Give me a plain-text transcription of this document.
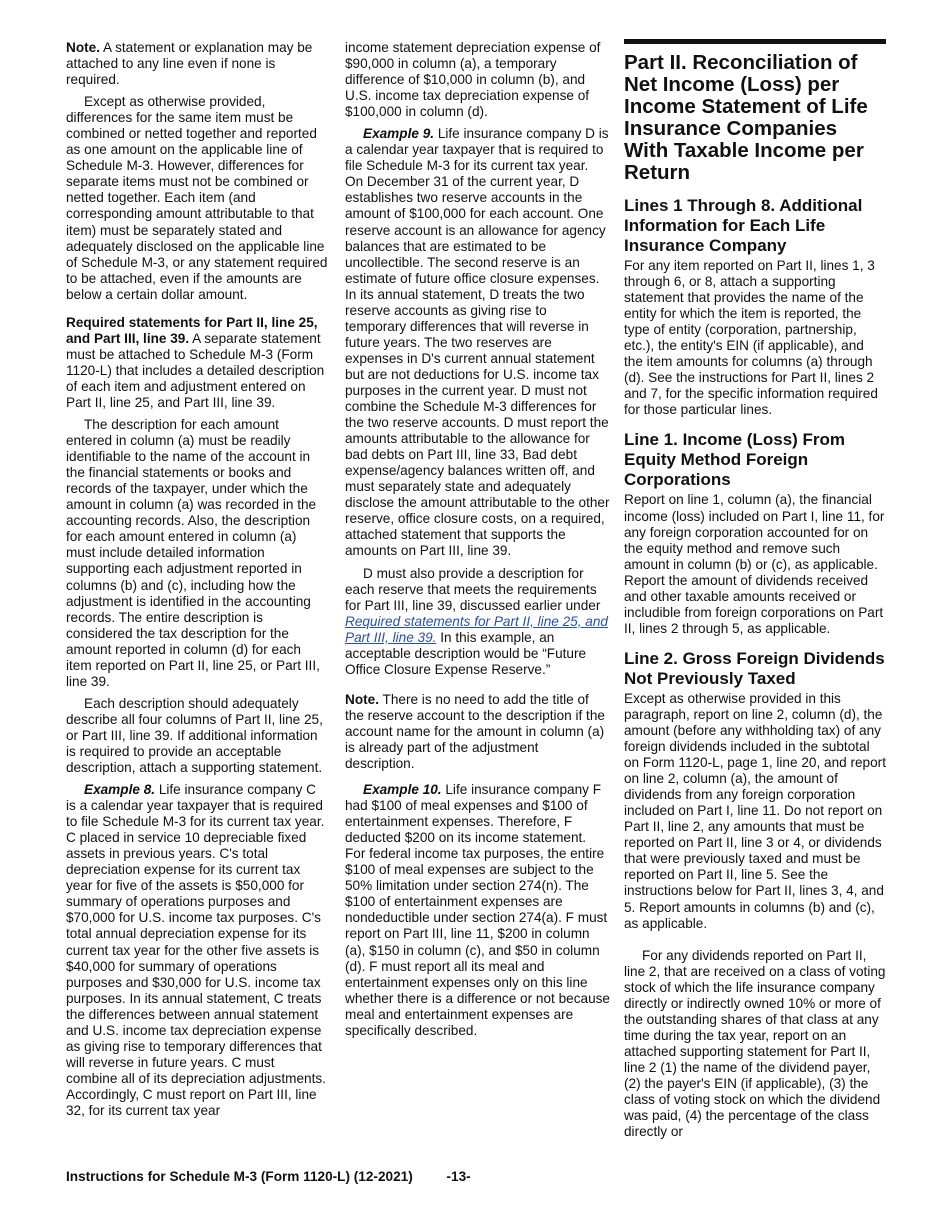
Note. A statement or explanation may be attached to any line even if none is required.

Except as otherwise provided, differences for the same item must be combined or netted together and reported as one amount on the applicable line of Schedule M-3. However, differences for separate items must not be combined or netted together. Each item (and corresponding amount attributable to that item) must be separately stated and adequately disclosed on the applicable line of Schedule M-3, or any statement required to be attached, even if the amounts are below a certain dollar amount.

Required statements for Part II, line 25, and Part III, line 39. A separate statement must be attached to Schedule M-3 (Form 1120-L) that includes a detailed description of each item and adjustment entered on Part II, line 25, and Part III, line 39.

The description for each amount entered in column (a) must be readily identifiable to the name of the account in the financial statements or books and records of the taxpayer, under which the amount in column (a) was recorded in the accounting records. Also, the description for each amount entered in column (a) must include detailed information supporting each adjustment reported in columns (b) and (c), including how the adjustment is identified in the accounting records. The entire description is considered the tax description for the amount reported in column (d) for each item reported on Part II, line 25, or Part III, line 39.

Each description should adequately describe all four columns of Part II, line 25, or Part III, line 39. If additional information is required to provide an acceptable description, attach a supporting statement.

Example 8. Life insurance company C is a calendar year taxpayer that is required to file Schedule M-3 for its current tax year. C placed in service 10 depreciable fixed assets in previous years. C's total depreciation expense for its current tax year for five of the assets is $50,000 for summary of operations purposes and $70,000 for U.S. income tax purposes. C's total annual depreciation expense for its current tax year for the other five assets is $40,000 for summary of operations purposes and $30,000 for U.S. income tax purposes. In its annual statement, C treats the differences between annual statement and U.S. income tax depreciation expense as giving rise to temporary differences that will reverse in future years. C must combine all of its depreciation adjustments. Accordingly, C must report on Part III, line 32, for its current tax year

income statement depreciation expense of $90,000 in column (a), a temporary difference of $10,000 in column (b), and U.S. income tax depreciation expense of $100,000 in column (d).

Example 9. Life insurance company D is a calendar year taxpayer that is required to file Schedule M-3 for its current tax year. On December 31 of the current year, D establishes two reserve accounts in the amount of $100,000 for each account. One reserve account is an allowance for agency balances that are estimated to be uncollectible. The second reserve is an estimate of future office closure expenses. In its annual statement, D treats the two reserve accounts as giving rise to temporary differences that will reverse in future years. The two reserves are expenses in D's current annual statement but are not deductions for U.S. income tax purposes in the current year. D must not combine the Schedule M-3 differences for the two reserve accounts. D must report the amounts attributable to the allowance for bad debts on Part III, line 33, Bad debt expense/agency balances written off, and must separately state and adequately disclose the amount attributable to the other reserve, office closure costs, on a required, attached statement that supports the amounts on Part III, line 39.

D must also provide a description for each reserve that meets the requirements for Part III, line 39, discussed earlier under Required statements for Part II, line 25, and Part III, line 39. In this example, an acceptable description would be “Future Office Closure Expense Reserve.”

Note. There is no need to add the title of the reserve account to the description if the account name for the amount in column (a) is already part of the adjustment description.

Example 10. Life insurance company F had $100 of meal expenses and $100 of entertainment expenses. Therefore, F deducted $200 on its income statement. For federal income tax purposes, the entire $100 of meal expenses are subject to the 50% limitation under section 274(n). The $100 of entertainment expenses are nondeductible under section 274(a). F must report on Part III, line 11, $200 in column (a), $150 in column (c), and $50 in column (d). F must report all its meal and entertainment expenses only on this line whether there is a difference or not because meal and entertainment expenses are specifically described.

Part II. Reconciliation of Net Income (Loss) per Income Statement of Life Insurance Companies With Taxable Income per Return
Lines 1 Through 8. Additional Information for Each Life Insurance Company

For any item reported on Part II, lines 1, 3 through 6, or 8, attach a supporting statement that provides the name of the entity for which the item is reported, the type of entity (corporation, partnership, etc.), the entity's EIN (if applicable), and the item amounts for columns (a) through (d). See the instructions for Part II, lines 2 and 7, for the specific information required for those particular lines.

Line 1. Income (Loss) From Equity Method Foreign Corporations

Report on line 1, column (a), the financial income (loss) included on Part I, line 11, for any foreign corporation accounted for on the equity method and remove such amount in column (b) or (c), as applicable. Report the amount of dividends received and other taxable amounts received or includible from foreign corporations on Part II, lines 2 through 5, as applicable.

Line 2. Gross Foreign Dividends Not Previously Taxed

Except as otherwise provided in this paragraph, report on line 2, column (d), the amount (before any withholding tax) of any foreign dividends included in the subtotal on Form 1120-L, page 1, line 20, and report on line 2, column (a), the amount of dividends from any foreign corporation included on Part I, line 11. Do not report on Part II, line 2, any amounts that must be reported on Part II, line 3 or 4, or dividends that were previously taxed and must be reported on Part II, line 5. See the instructions below for Part II, lines 3, 4, and 5. Report amounts in columns (b) and (c), as applicable.

For any dividends reported on Part II, line 2, that are received on a class of voting stock of which the life insurance company directly or indirectly owned 10% or more of the outstanding shares of that class at any time during the tax year, report on an attached supporting statement for Part II, line 2 (1) the name of the dividend payer, (2) the payer's EIN (if applicable), (3) the class of voting stock on which the dividend was paid, (4) the percentage of the class directly or

Instructions for Schedule M-3 (Form 1120-L) (12-2021) -13-
